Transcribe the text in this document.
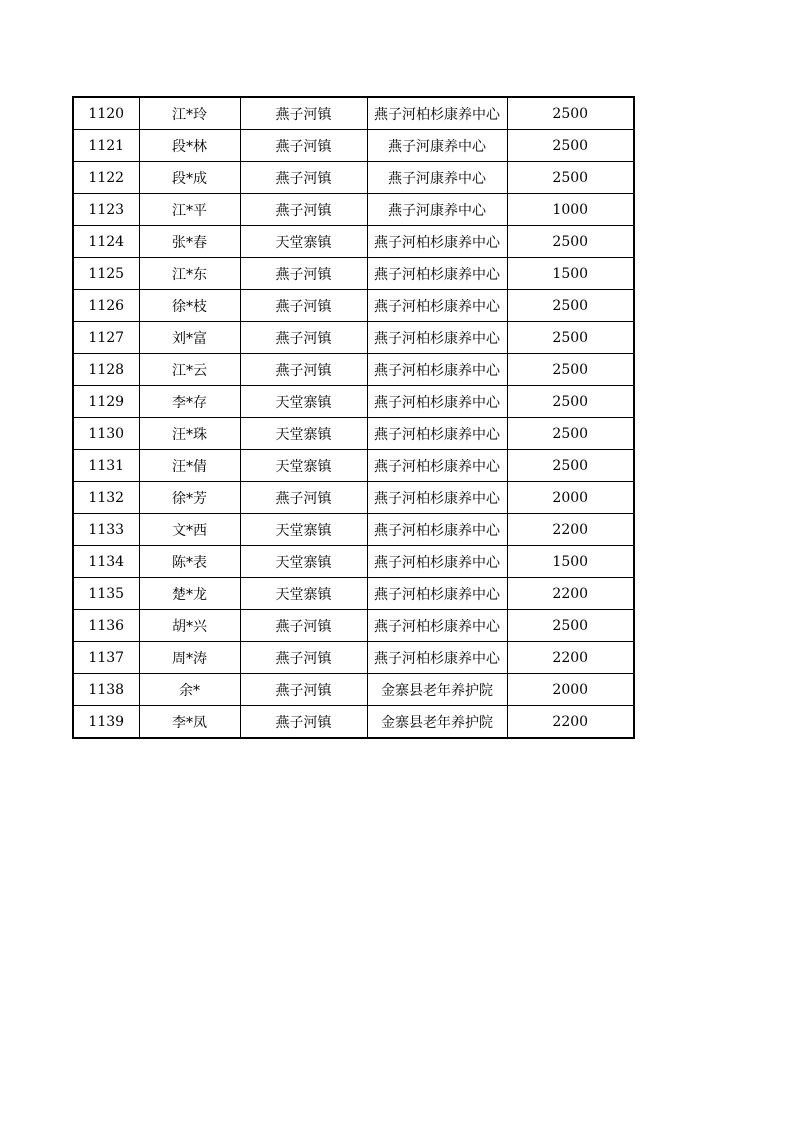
1120	江*玲	燕子河镇	燕子河柏杉康养中心	2500
1121	段*林	燕子河镇	燕子河康养中心	2500
1122	段*成	燕子河镇	燕子河康养中心	2500
1123	江*平	燕子河镇	燕子河康养中心	1000
1124	张*春	天堂寨镇	燕子河柏杉康养中心	2500
1125	江*东	燕子河镇	燕子河柏杉康养中心	1500
1126	徐*枝	燕子河镇	燕子河柏杉康养中心	2500
1127	刘*富	燕子河镇	燕子河柏杉康养中心	2500
1128	江*云	燕子河镇	燕子河柏杉康养中心	2500
1129	李*存	天堂寨镇	燕子河柏杉康养中心	2500
1130	汪*珠	天堂寨镇	燕子河柏杉康养中心	2500
1131	汪*倩	天堂寨镇	燕子河柏杉康养中心	2500
1132	徐*芳	燕子河镇	燕子河柏杉康养中心	2000
1133	文*西	天堂寨镇	燕子河柏杉康养中心	2200
1134	陈*表	天堂寨镇	燕子河柏杉康养中心	1500
1135	楚*龙	天堂寨镇	燕子河柏杉康养中心	2200
1136	胡*兴	燕子河镇	燕子河柏杉康养中心	2500
1137	周*涛	燕子河镇	燕子河柏杉康养中心	2200
1138	余*	燕子河镇	金寨县老年养护院	2000
1139	李*凤	燕子河镇	金寨县老年养护院	2200
